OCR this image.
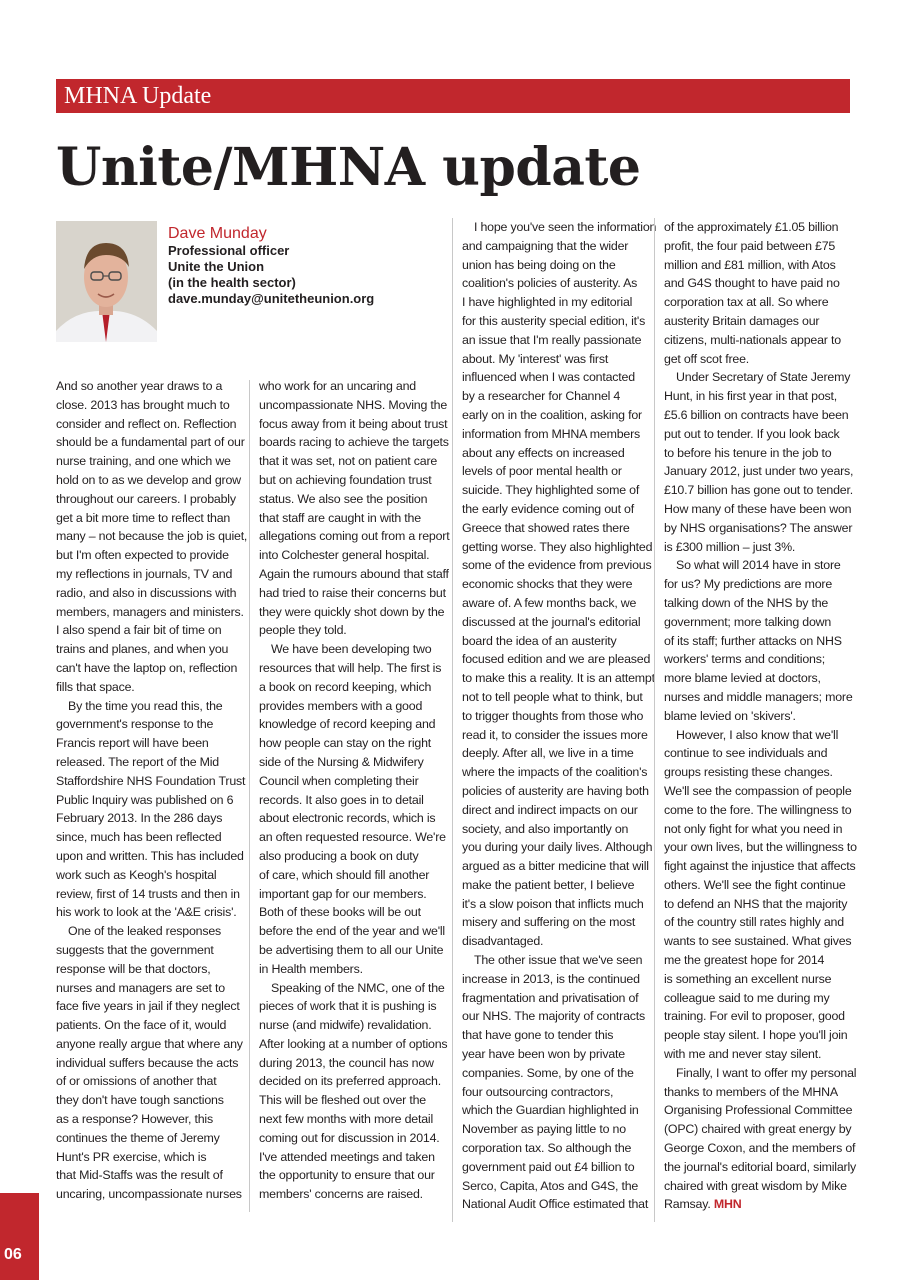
MHNA Update
Unite/MHNA update
Dave Munday
Professional officer
Unite the Union
(in the health sector)
dave.munday@unitetheunion.org

And so another year draws to a
close. 2013 has brought much to
consider and reflect on. Reflection
should be a fundamental part of our
nurse training, and one which we
hold on to as we develop and grow
throughout our careers. I probably
get a bit more time to reflect than
many – not because the job is quiet,
but I'm often expected to provide
my reflections in journals, TV and
radio, and also in discussions with
members, managers and ministers.
I also spend a fair bit of time on
trains and planes, and when you
can't have the laptop on, reflection
fills that space.

By the time you read this, the
government's response to the
Francis report will have been
released. The report of the Mid
Staffordshire NHS Foundation Trust
Public Inquiry was published on 6
February 2013. In the 286 days
since, much has been reflected
upon and written. This has included
work such as Keogh's hospital
review, first of 14 trusts and then in
his work to look at the 'A&E crisis'.

One of the leaked responses
suggests that the government
response will be that doctors,
nurses and managers are set to
face five years in jail if they neglect
patients. On the face of it, would
anyone really argue that where any
individual suffers because the acts
of or omissions of another that
they don't have tough sanctions
as a response? However, this
continues the theme of Jeremy
Hunt's PR exercise, which is
that Mid-Staffs was the result of
uncaring, uncompassionate nurses

who work for an uncaring and
uncompassionate NHS. Moving the
focus away from it being about trust
boards racing to achieve the targets
that it was set, not on patient care
but on achieving foundation trust
status. We also see the position
that staff are caught in with the
allegations coming out from a report
into Colchester general hospital.
Again the rumours abound that staff
had tried to raise their concerns but
they were quickly shot down by the
people they told.

We have been developing two
resources that will help. The first is
a book on record keeping, which
provides members with a good
knowledge of record keeping and
how people can stay on the right
side of the Nursing & Midwifery
Council when completing their
records. It also goes in to detail
about electronic records, which is
an often requested resource. We're
also producing a book on duty
of care, which should fill another
important gap for our members.
Both of these books will be out
before the end of the year and we'll
be advertising them to all our Unite
in Health members.

Speaking of the NMC, one of the
pieces of work that it is pushing is
nurse (and midwife) revalidation.
After looking at a number of options
during 2013, the council has now
decided on its preferred approach.
This will be fleshed out over the
next few months with more detail
coming out for discussion in 2014.
I've attended meetings and taken
the opportunity to ensure that our
members' concerns are raised.

I hope you've seen the information
and campaigning that the wider
union has being doing on the
coalition's policies of austerity. As
I have highlighted in my editorial
for this austerity special edition, it's
an issue that I'm really passionate
about. My 'interest' was first
influenced when I was contacted
by a researcher for Channel 4
early on in the coalition, asking for
information from MHNA members
about any effects on increased
levels of poor mental health or
suicide. They highlighted some of
the early evidence coming out of
Greece that showed rates there
getting worse. They also highlighted
some of the evidence from previous
economic shocks that they were
aware of. A few months back, we
discussed at the journal's editorial
board the idea of an austerity
focused edition and we are pleased
to make this a reality. It is an attempt
not to tell people what to think, but
to trigger thoughts from those who
read it, to consider the issues more
deeply. After all, we live in a time
where the impacts of the coalition's
policies of austerity are having both
direct and indirect impacts on our
society, and also importantly on
you during your daily lives. Although
argued as a bitter medicine that will
make the patient better, I believe
it's a slow poison that inflicts much
misery and suffering on the most
disadvantaged.

The other issue that we've seen
increase in 2013, is the continued
fragmentation and privatisation of
our NHS. The majority of contracts
that have gone to tender this
year have been won by private
companies. Some, by one of the
four outsourcing contractors,
which the Guardian highlighted in
November as paying little to no
corporation tax. So although the
government paid out £4 billion to
Serco, Capita, Atos and G4S, the
National Audit Office estimated that

of the approximately £1.05 billion
profit, the four paid between £75
million and £81 million, with Atos
and G4S thought to have paid no
corporation tax at all. So where
austerity Britain damages our
citizens, multi-nationals appear to
get off scot free.

Under Secretary of State Jeremy
Hunt, in his first year in that post,
£5.6 billion on contracts have been
put out to tender. If you look back
to before his tenure in the job to
January 2012, just under two years,
£10.7 billion has gone out to tender.
How many of these have been won
by NHS organisations? The answer
is £300 million – just 3%.

So what will 2014 have in store
for us? My predictions are more
talking down of the NHS by the
government; more talking down
of its staff; further attacks on NHS
workers' terms and conditions;
more blame levied at doctors,
nurses and middle managers; more
blame levied on 'skivers'.

However, I also know that we'll
continue to see individuals and
groups resisting these changes.
We'll see the compassion of people
come to the fore. The willingness to
not only fight for what you need in
your own lives, but the willingness to
fight against the injustice that affects
others. We'll see the fight continue
to defend an NHS that the majority
of the country still rates highly and
wants to see sustained. What gives
me the greatest hope for 2014
is something an excellent nurse
colleague said to me during my
training. For evil to proposer, good
people stay silent. I hope you'll join
with me and never stay silent.

Finally, I want to offer my personal
thanks to members of the MHNA
Organising Professional Committee
(OPC) chaired with great energy by
George Coxon, and the members of
the journal's editorial board, similarly
chaired with great wisdom by Mike
Ramsay. MHN

06
